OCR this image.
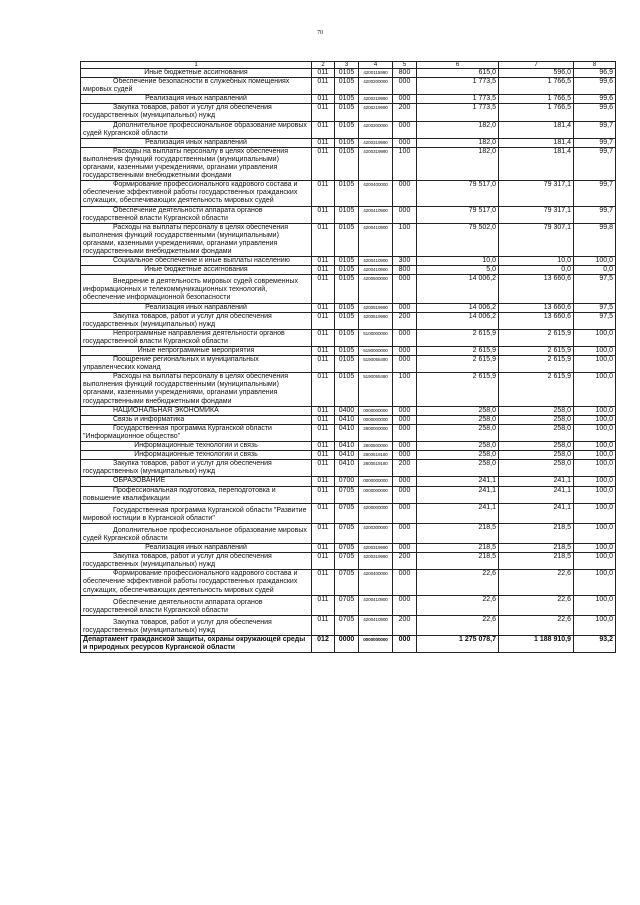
70
1	2	3	4	5	6	7	8
Иные бюджетные ассигнования	011	0105	4200115990	800	615,0	596,0	96,9
Обеспечение безопасности в служебных помещениях мировых судей	011	0105	4200200000	000	1 773,5	1 766,5	99,6
Реализация иных направлений	011	0105	4200219990	000	1 773,5	1 766,5	99,6
Закупка товаров, работ и услуг для обеспечения государственных (муниципальных) нужд	011	0105	4200219990	200	1 773,5	1 766,5	99,6
Дополнительное профессиональное образование мировых судей Курганской области	011	0105	4200300000	000	182,0	181,4	99,7
Реализация иных направлений	011	0105	4200319990	000	182,0	181,4	99,7
Расходы на выплаты персоналу в целях обеспечения выполнения функций государственными (муниципальными) органами, казенными учреждениями, органами управления государственными внебюджетными фондами	011	0105	4200319990	100	182,0	181,4	99,7
Формирование профессионального кадрового состава и обеспечение эффективной работы государственных гражданских служащих, обеспечивающих деятельность мировых судей	011	0105	4200400000	000	79 517,0	79 317,1	99,7
Обеспечение деятельности аппарата органов государственной власти Курганской области	011	0105	4200410900	000	79 517,0	79 317,1	99,7
Расходы на выплаты персоналу в целях обеспечения выполнения функций государственными (муниципальными) органами, казенными учреждениями, органами управления государственными внебюджетными фондами	011	0105	4200410900	100	79 502,0	79 307,1	99,8
Социальное обеспечение и иные выплаты населению	011	0105	4200410900	300	10,0	10,0	100,0
Иные бюджетные ассигнования	011	0105	4200410900	800	5,0	0,0	0,0
Внедрение в деятельность мировых судей современных информационных и телекоммуникационных технологий, обеспечение информационной безопасности	011	0105	4200500000	000	14 006,2	13 660,6	97,5
Реализация иных направлений	011	0105	4200519990	000	14 006,2	13 660,6	97,5
Закупка товаров, работ и услуг для обеспечения государственных (муниципальных) нужд	011	0105	4200519990	200	14 006,2	13 660,6	97,5
Непрограммные направления деятельности органов государственной власти Курганской области	011	0105	5100000000	000	2 615,9	2 615,9	100,0
Иные непрограммные мероприятия	011	0105	5190000000	000	2 615,9	2 615,9	100,0
Поощрение региональных и муниципальных управленческих команд	011	0105	5190055490	000	2 615,9	2 615,9	100,0
Расходы на выплаты персоналу в целях обеспечения выполнения функций государственными (муниципальными) органами, казенными учреждениями, органами управления государственными внебюджетными фондами	011	0105	5190055490	100	2 615,9	2 615,9	100,0
НАЦИОНАЛЬНАЯ ЭКОНОМИКА	011	0400	0000000000	000	258,0	258,0	100,0
Связь и информатика	011	0410	0000000000	000	258,0	258,0	100,0
Государственная программа Курганской области "Информационное общество"	011	0410	2800000000	000	258,0	258,0	100,0
Информационные технологии и связь	011	0410	2800500000	000	258,0	258,0	100,0
Информационные технологии и связь	011	0410	2800519180	000	258,0	258,0	100,0
Закупка товаров, работ и услуг для обеспечения государственных (муниципальных) нужд	011	0410	2800519180	200	258,0	258,0	100,0
ОБРАЗОВАНИЕ	011	0700	0000000000	000	241,1	241,1	100,0
Профессиональная подготовка, переподготовка и повышение квалификации	011	0705	0000000000	000	241,1	241,1	100,0
Государственная программа Курганской области "Развитие мировой юстиции в Курганской области"	011	0705	4200000000	000	241,1	241,1	100,0
Дополнительное профессиональное образование мировых судей Курганской области	011	0705	4200300000	000	218,5	218,5	100,0
Реализация иных направлений	011	0705	4200319990	000	218,5	218,5	100,0
Закупка товаров, работ и услуг для обеспечения государственных (муниципальных) нужд	011	0705	4200319990	200	218,5	218,5	100,0
Формирование профессионального кадрового состава и обеспечение эффективной работы государственных гражданских служащих, обеспечивающих деятельность мировых судей	011	0705	4200400000	000	22,6	22,6	100,0
Обеспечение деятельности аппарата органов государственной власти Курганской области	011	0705	4200410900	000	22,6	22,6	100,0
Закупка товаров, работ и услуг для обеспечения государственных (муниципальных) нужд	011	0705	4200410900	200	22,6	22,6	100,0
Департамент гражданской защиты, охраны окружающей среды и природных ресурсов Курганской области	012	0000	0000000000	000	1 275 078,7	1 188 910,9	93,2
